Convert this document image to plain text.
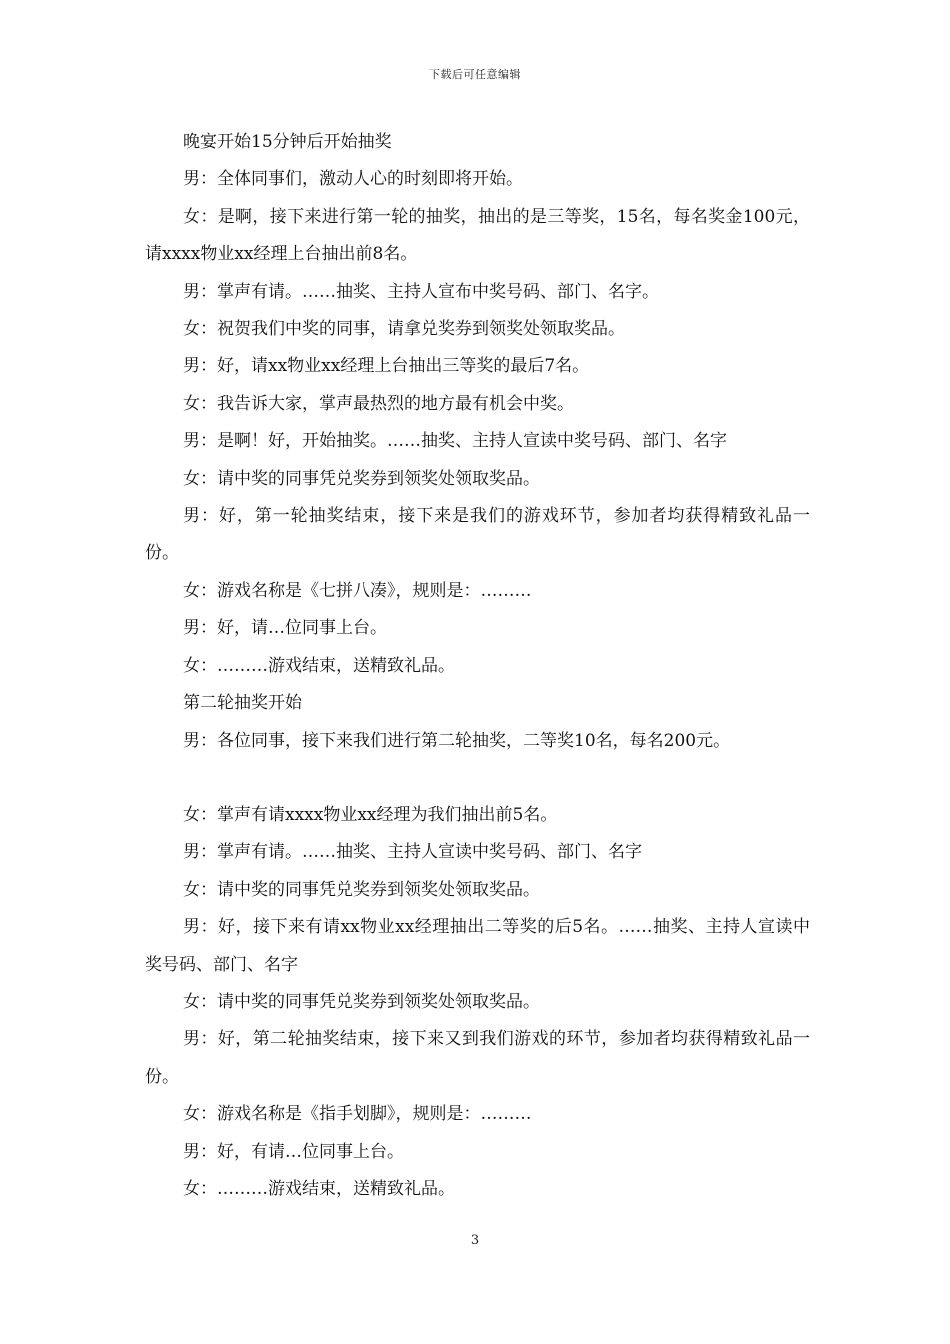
下载后可任意编辑

晚宴开始15分钟后开始抽奖

男：全体同事们，激动人心的时刻即将开始。

女：是啊，接下来进行第一轮的抽奖，抽出的是三等奖，15名，每名奖金100元，请xxxx物业xx经理上台抽出前8名。

男：掌声有请。……抽奖、主持人宣布中奖号码、部门、名字。

女：祝贺我们中奖的同事，请拿兑奖券到领奖处领取奖品。

男：好，请xx物业xx经理上台抽出三等奖的最后7名。

女：我告诉大家，掌声最热烈的地方最有机会中奖。

男：是啊！好，开始抽奖。……抽奖、主持人宣读中奖号码、部门、名字

女：请中奖的同事凭兑奖券到领奖处领取奖品。

男：好，第一轮抽奖结束，接下来是我们的游戏环节，参加者均获得精致礼品一份。

女：游戏名称是《七拼八凑》，规则是：………

男：好，请…位同事上台。

女：………游戏结束，送精致礼品。

第二轮抽奖开始

男：各位同事，接下来我们进行第二轮抽奖，二等奖10名，每名200元。

女：掌声有请xxxx物业xx经理为我们抽出前5名。

男：掌声有请。……抽奖、主持人宣读中奖号码、部门、名字

女：请中奖的同事凭兑奖券到领奖处领取奖品。

男：好，接下来有请xx物业xx经理抽出二等奖的后5名。……抽奖、主持人宣读中奖号码、部门、名字

女：请中奖的同事凭兑奖券到领奖处领取奖品。

男：好，第二轮抽奖结束，接下来又到我们游戏的环节，参加者均获得精致礼品一份。

女：游戏名称是《指手划脚》，规则是：………

男：好，有请…位同事上台。

女：………游戏结束，送精致礼品。

3
